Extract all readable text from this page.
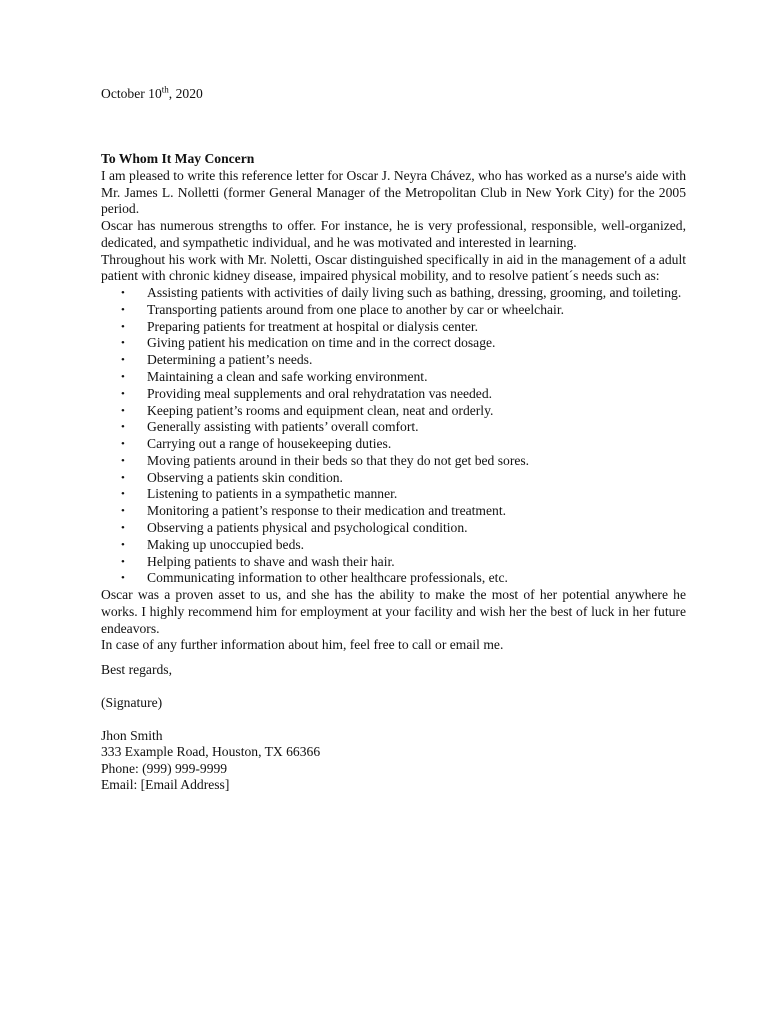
October 10th, 2020

To Whom It May Concern

I am pleased to write this reference letter for Oscar J. Neyra Chávez, who has worked as a nurse's aide with Mr. James L. Nolletti (former General Manager of the Metropolitan Club in New York City) for the 2005 period.

Oscar has numerous strengths to offer. For instance, he is very professional, responsible, well-organized, dedicated, and sympathetic individual, and he was motivated and interested in learning.

Throughout his work with Mr. Noletti, Oscar distinguished specifically in aid in the management of a adult patient with chronic kidney disease, impaired physical mobility, and to resolve patient´s needs such as:

• Assisting patients with activities of daily living such as bathing, dressing, grooming, and toileting.
• Transporting patients around from one place to another by car or wheelchair.
• Preparing patients for treatment at hospital or dialysis center.
• Giving patient his medication on time and in the correct dosage.
• Determining a patient’s needs.
• Maintaining a clean and safe working environment.
• Providing meal supplements and oral rehydratation vas needed.
• Keeping patient’s rooms and equipment clean, neat and orderly.
• Generally assisting with patients’ overall comfort.
• Carrying out a range of housekeeping duties.
• Moving patients around in their beds so that they do not get bed sores.
• Observing a patients skin condition.
• Listening to patients in a sympathetic manner.
• Monitoring a patient’s response to their medication and treatment.
• Observing a patients physical and psychological condition.
• Making up unoccupied beds.
• Helping patients to shave and wash their hair.
• Communicating information to other healthcare professionals, etc.

Oscar was a proven asset to us, and she has the ability to make the most of her potential anywhere he works. I highly recommend him for employment at your facility and wish her the best of luck in her future endeavors.

In case of any further information about him, feel free to call or email me.

Best regards,

(Signature)

Jhon Smith
333 Example Road, Houston, TX 66366
Phone: (999) 999-9999
Email: [Email Address]
